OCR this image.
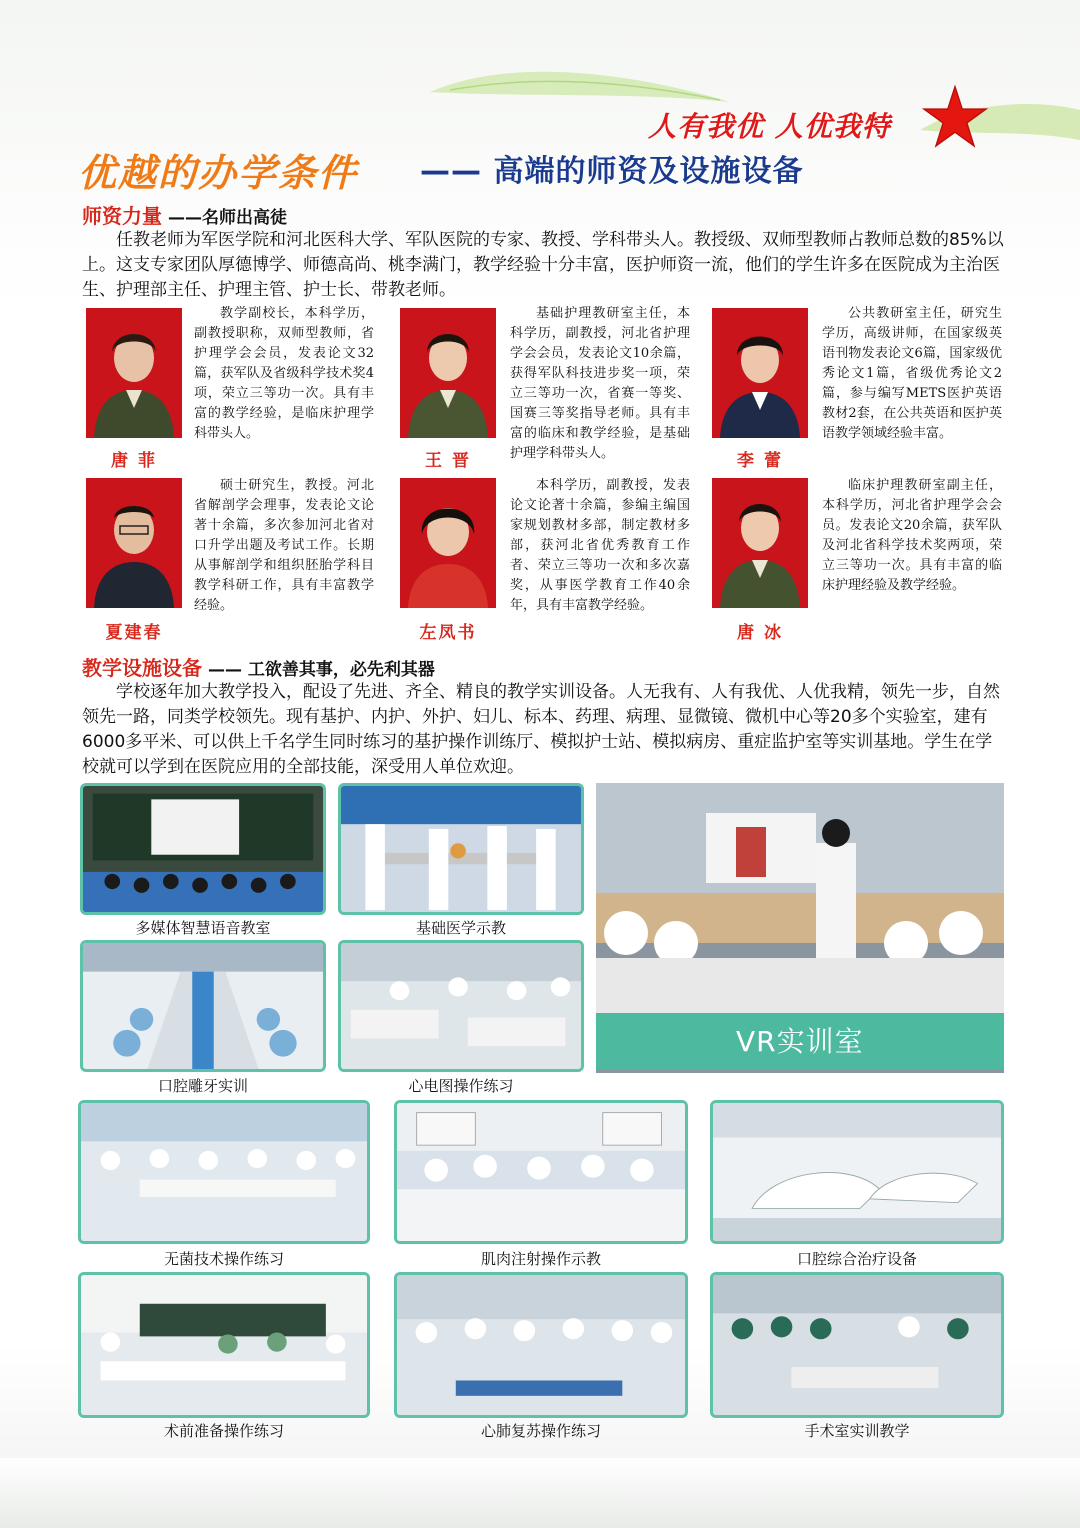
人有我优 人优我特
优越的办学条件 —— 高端的师资及设施设备
师资力量 ——名师出高徒
任教老师为军医学院和河北医科大学、军队医院的专家、教授、学科带头人。教授级、双师型教师占教师总数的85%以上。这支专家团队厚德博学、师德高尚、桃李满门，教学经验十分丰富，医护师资一流，他们的学生许多在医院成为主治医生、护理部主任、护理主管、护士长、带教老师。
唐 菲
教学副校长，本科学历，副教授职称，双师型教师，省护理学会会员，发表论文32篇，获军队及省级科学技术奖4项，荣立三等功一次。具有丰富的教学经验，是临床护理学科带头人。
王 晋
基础护理教研室主任，本科学历，副教授，河北省护理学会会员，发表论文10余篇，获得军队科技进步奖一项，荣立三等功一次，省赛一等奖、国赛三等奖指导老师。具有丰富的临床和教学经验，是基础护理学科带头人。	李 蕾
公共教研室主任，研究生学历，高级讲师，在国家级英语刊物发表论文6篇，国家级优秀论文1篇，省级优秀论文2篇，参与编写METS医护英语教材2套，在公共英语和医护英语教学领域经验丰富。
夏建春
硕士研究生，教授。河北省解剖学会理事，发表论文论著十余篇，多次参加河北省对口升学出题及考试工作。长期从事解剖学和组织胚胎学科目教学科研工作，具有丰富教学经验。
左凤书
本科学历，副教授，发表论文论著十余篇，参编主编国家规划教材多部，制定教材多部，获河北省优秀教育工作者、荣立三等功一次和多次嘉奖，从事医学教育工作40余年，具有丰富教学经验。
唐 冰
临床护理教研室副主任，本科学历，河北省护理学会会员。发表论文20余篇，获军队及河北省科学技术奖两项，荣立三等功一次。具有丰富的临床护理经验及教学经验。
教学设施设备 —— 工欲善其事，必先利其器
学校逐年加大教学投入，配设了先进、齐全、精良的教学实训设备。人无我有、人有我优、人优我精，领先一步，自然领先一路，同类学校领先。现有基护、内护、外护、妇儿、标本、药理、病理、显微镜、微机中心等20多个实验室，建有6000多平米、可以供上千名学生同时练习的基护操作训练厅、模拟护士站、模拟病房、重症监护室等实训基地。学生在学校就可以学到在医院应用的全部技能，深受用人单位欢迎。
多媒体智慧语音教室	基础医学示教
VR实训室
口腔雕牙实训	心电图操作练习
无菌技术操作练习	肌肉注射操作示教	口腔综合治疗设备
术前准备操作练习	心肺复苏操作练习	手术室实训教学
